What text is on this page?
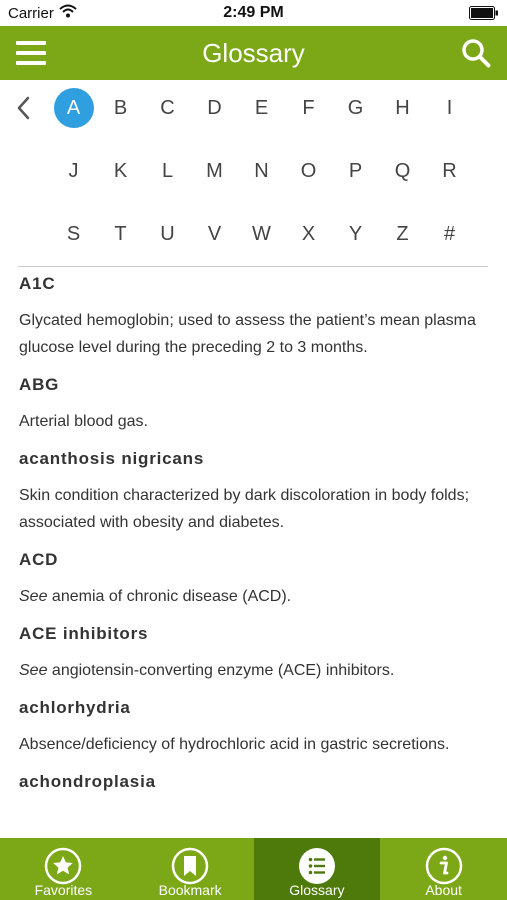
Carrier	2:49 PM
Glossary
A	B C D E F G H I
J K L M N O P Q R
S T U V W X Y Z #
A1C
Glycated hemoglobin; used to assess the patient’s mean plasma glucose level during the preceding 2 to 3 months.
ABG
Arterial blood gas.
acanthosis nigricans
Skin condition characterized by dark discoloration in body folds; associated with obesity and diabetes.
ACD
See anemia of chronic disease (ACD).
ACE inhibitors
See angiotensin-converting enzyme (ACE) inhibitors.
achlorhydria
Absence/deficiency of hydrochloric acid in gastric secretions.
achondroplasia
Favorites	Bookmark	Glossary	About
